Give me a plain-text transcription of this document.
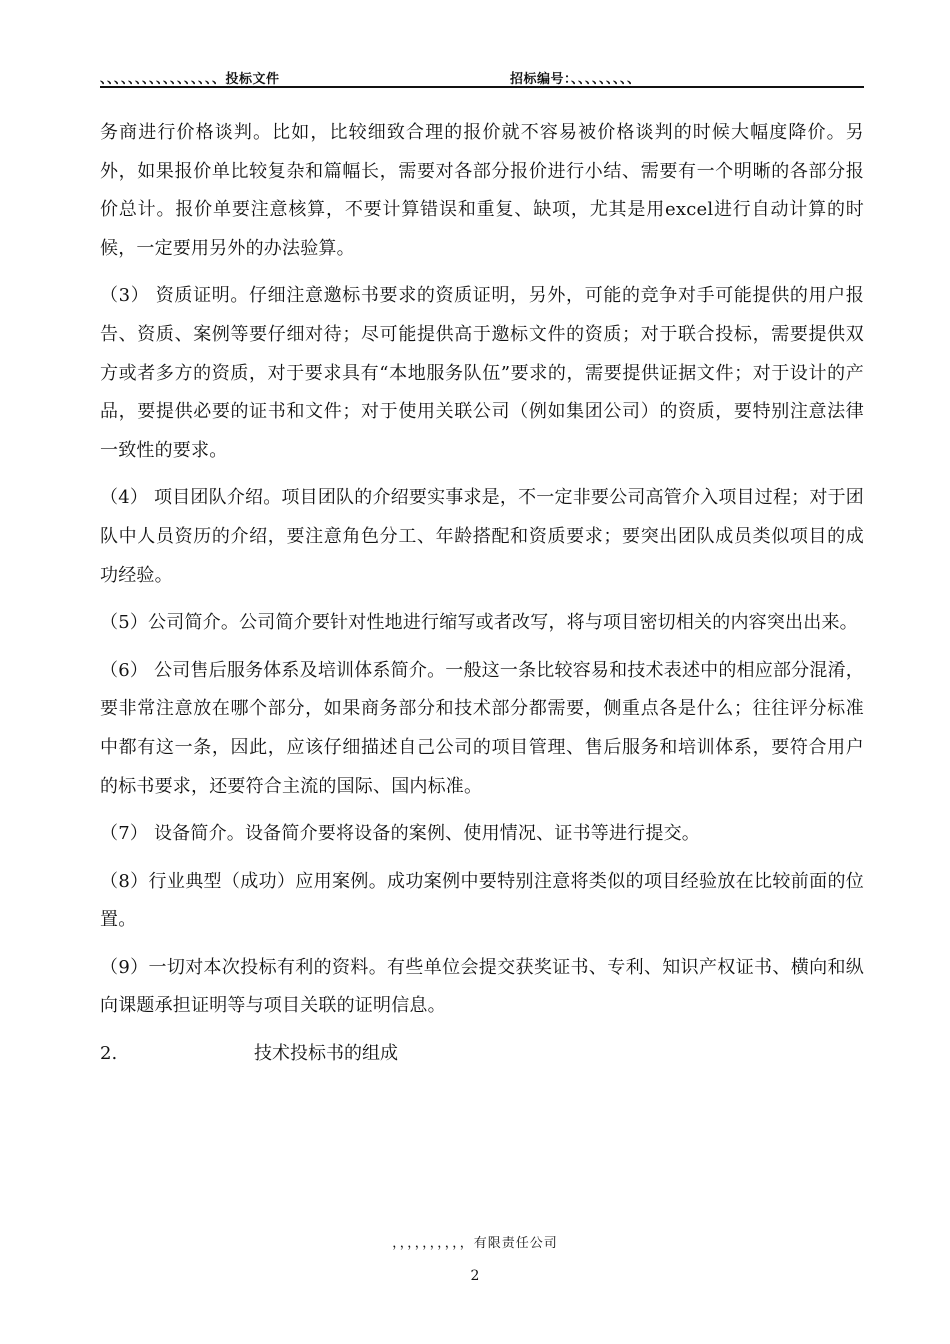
、、、、、、、、、、、、、、、、、投标文件	招标编号：、、、、、、、、、

务商进行价格谈判。比如，比较细致合理的报价就不容易被价格谈判的时候大幅度降价。另外，如果报价单比较复杂和篇幅长，需要对各部分报价进行小结、需要有一个明晰的各部分报价总计。报价单要注意核算，不要计算错误和重复、缺项，尤其是用excel进行自动计算的时候，一定要用另外的办法验算。

（3） 资质证明。仔细注意邀标书要求的资质证明，另外，可能的竞争对手可能提供的用户报告、资质、案例等要仔细对待；尽可能提供高于邀标文件的资质；对于联合投标，需要提供双方或者多方的资质，对于要求具有“本地服务队伍”要求的，需要提供证据文件；对于设计的产品，要提供必要的证书和文件；对于使用关联公司（例如集团公司）的资质，要特别注意法律一致性的要求。

（4） 项目团队介绍。项目团队的介绍要实事求是，不一定非要公司高管介入项目过程；对于团队中人员资历的介绍，要注意角色分工、年龄搭配和资质要求；要突出团队成员类似项目的成功经验。

（5）公司简介。公司简介要针对性地进行缩写或者改写，将与项目密切相关的内容突出出来。

（6） 公司售后服务体系及培训体系简介。一般这一条比较容易和技术表述中的相应部分混淆，要非常注意放在哪个部分，如果商务部分和技术部分都需要，侧重点各是什么；往往评分标准中都有这一条，因此，应该仔细描述自己公司的项目管理、售后服务和培训体系，要符合用户的标书要求，还要符合主流的国际、国内标准。

（7） 设备简介。设备简介要将设备的案例、使用情况、证书等进行提交。

（8）行业典型（成功）应用案例。成功案例中要特别注意将类似的项目经验放在比较前面的位置。

（9）一切对本次投标有利的资料。有些单位会提交获奖证书、专利、知识产权证书、横向和纵向课题承担证明等与项目关联的证明信息。

2.	技术投标书的组成
，，，，，，，，，，有限责任公司
2
